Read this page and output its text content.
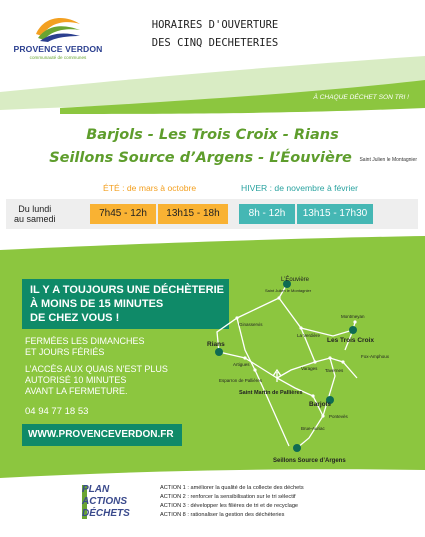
PROVENCE VERDON
communauté de communes
HORAIRES D'OUVERTURE
DES CINQ DECHETERIES
À CHAQUE DÉCHET SON TRI !
Barjols - Les Trois Croix - Rians
Seillons Source d’Argens - L’Éouvière	Saint Julien le Montagnier
ÉTÉ : de mars à octobre	HIVER : de novembre à février
Du lundi
au samedi	7h45 - 12h	13h15 - 18h	8h - 12h	13h15 - 17h30
IL Y A TOUJOURS UNE DÉCHÈTERIE
À MOINS DE 15 MINUTES
DE CHEZ VOUS !
FERMÉES LES DIMANCHES
ET JOURS FÉRIÉS
L’ACCÈS AUX QUAIS N’EST PLUS
AUTORISÉ 10 MINUTES
AVANT LA FERMETURE.
04 94 77 18 53
WWW.PROVENCEVERDON.FR
L’Éouvière
Saint Julien le Montagnier
Ginasservis
La Verdière
Montmeyan
Rians
Artigues
Les Trois Croix
Fox-Amphoux
Varages Tavernes
Esparron de Pallières
Saint Martin de Pallières
Barjols
Pontevès
Brue-Auriac
Seillons Source d’Argens
PLAN
ACTIONS
DÉCHETS
ACTION 1 : améliorer la qualité de la collecte des déchets
ACTION 2 : renforcer la sensibilisation sur le tri sélectif
ACTION 3 : développer les filières de tri et de recyclage
ACTION 8 : rationaliser la gestion des déchèteries
